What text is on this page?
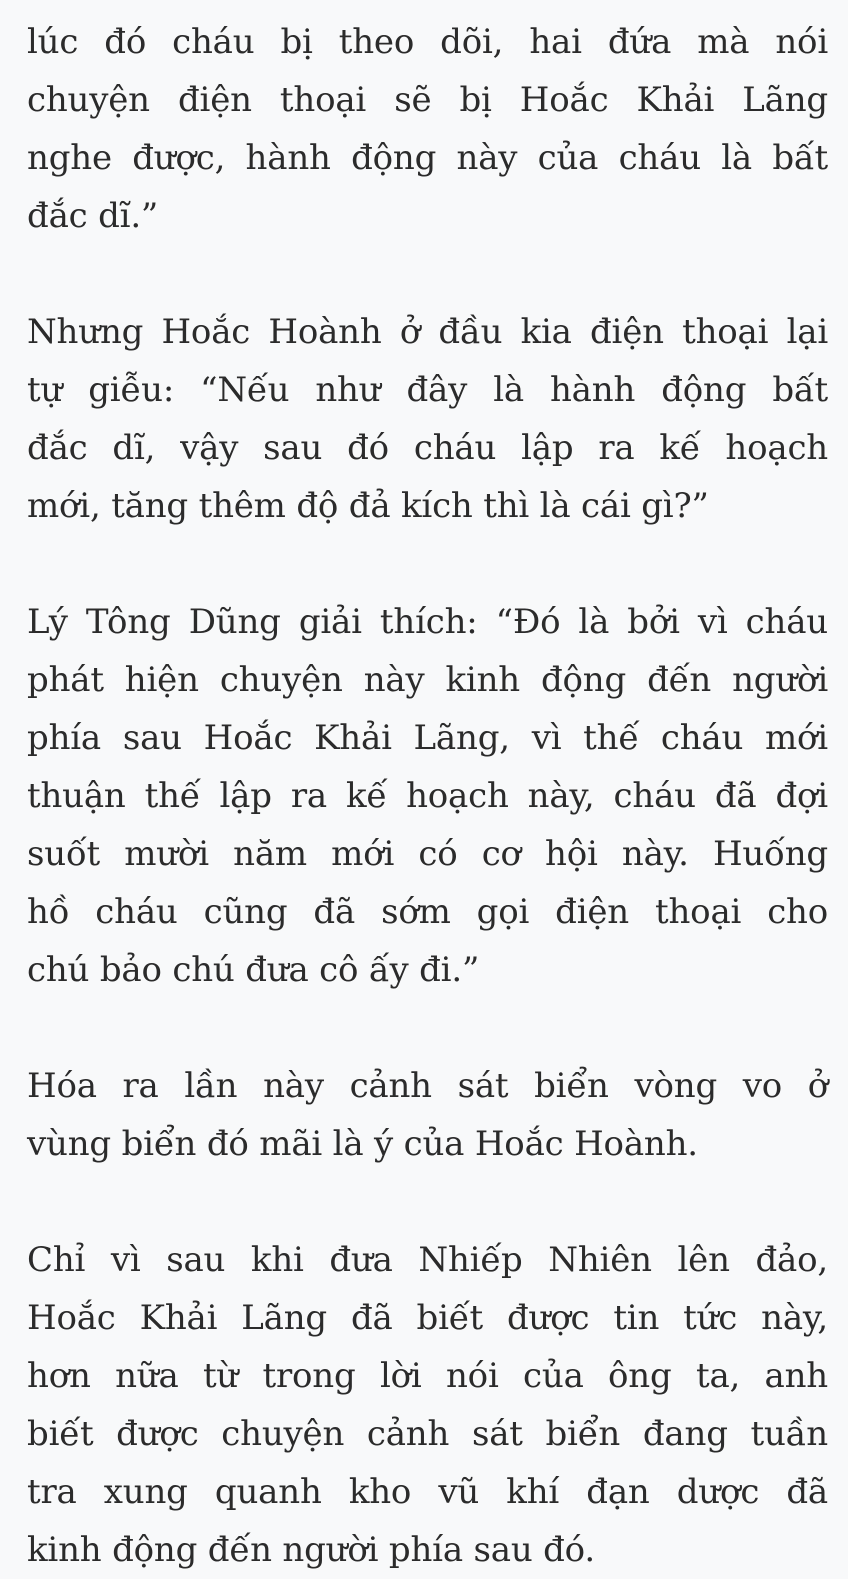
lúc đó cháu bị theo dõi, hai đứa mà nói
chuyện điện thoại sẽ bị Hoắc Khải Lãng
nghe được, hành động này của cháu là bất
đắc dĩ.”

Nhưng Hoắc Hoành ở đầu kia điện thoại lại
tự giễu: “Nếu như đây là hành động bất
đắc dĩ, vậy sau đó cháu lập ra kế hoạch
mới, tăng thêm độ đả kích thì là cái gì?”

Lý Tông Dũng giải thích: “Đó là bởi vì cháu
phát hiện chuyện này kinh động đến người
phía sau Hoắc Khải Lãng, vì thế cháu mới
thuận thế lập ra kế hoạch này, cháu đã đợi
suốt mười năm mới có cơ hội này. Huống
hồ cháu cũng đã sớm gọi điện thoại cho
chú bảo chú đưa cô ấy đi.”

Hóa ra lần này cảnh sát biển vòng vo ở
vùng biển đó mãi là ý của Hoắc Hoành.

Chỉ vì sau khi đưa Nhiếp Nhiên lên đảo,
Hoắc Khải Lãng đã biết được tin tức này,
hơn nữa từ trong lời nói của ông ta, anh
biết được chuyện cảnh sát biển đang tuần
tra xung quanh kho vũ khí đạn dược đã
kinh động đến người phía sau đó.
